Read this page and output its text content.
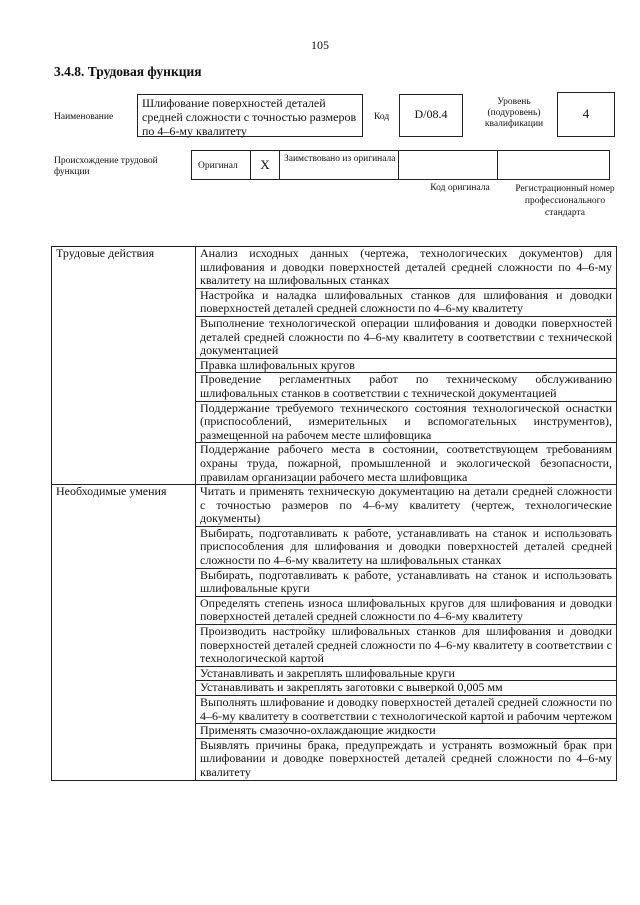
105
3.4.8. Трудовая функция
Наименование
Шлифование поверхностей деталей средней сложности с точностью размеров по 4–6-му квалитету
Код	D/08.4
Уровень (подуровень) квалификации
4
Происхождение трудовой функции
Оригинал	X	Заимствовано из оригинала
Код оригинала	Регистрационный номер профессионального стандарта
Трудовые действия	Анализ исходных данных (чертежа, технологических документов) для шлифования и доводки поверхностей деталей средней сложности по 4–6-му квалитету на шлифовальных станках
	Настройка и наладка шлифовальных станков для шлифования и доводки поверхностей деталей средней сложности по 4–6-му квалитету
	Выполнение технологической операции шлифования и доводки поверхностей деталей средней сложности по 4–6-му квалитету в соответствии с технической документацией
	Правка шлифовальных кругов
	Проведение регламентных работ по техническому обслуживанию шлифовальных станков в соответствии с технической документацией
	Поддержание требуемого технического состояния технологической оснастки (приспособлений, измерительных и вспомогательных инструментов), размещенной на рабочем месте шлифовщика
	Поддержание рабочего места в состоянии, соответствующем требованиям охраны труда, пожарной, промышленной и экологической безопасности, правилам организации рабочего места шлифовщика
Необходимые умения	Читать и применять техническую документацию на детали средней сложности с точностью размеров по 4–6-му квалитету (чертеж, технологические документы)
	Выбирать, подготавливать к работе, устанавливать на станок и использовать приспособления для шлифования и доводки поверхностей деталей средней сложности по 4–6-му квалитету на шлифовальных станках
	Выбирать, подготавливать к работе, устанавливать на станок и использовать шлифовальные круги
	Определять степень износа шлифовальных кругов для шлифования и доводки поверхностей деталей средней сложности по 4–6-му квалитету
	Производить настройку шлифовальных станков для шлифования и доводки поверхностей деталей средней сложности по 4–6-му квалитету в соответствии с технологической картой
	Устанавливать и закреплять шлифовальные круги
	Устанавливать и закреплять заготовки с выверкой 0,005 мм
	Выполнять шлифование и доводку поверхностей деталей средней сложности по 4–6-му квалитету в соответствии с технологической картой и рабочим чертежом
	Применять смазочно-охлаждающие жидкости
	Выявлять причины брака, предупреждать и устранять возможный брак при шлифовании и доводке поверхностей деталей средней сложности по 4–6-му квалитету
